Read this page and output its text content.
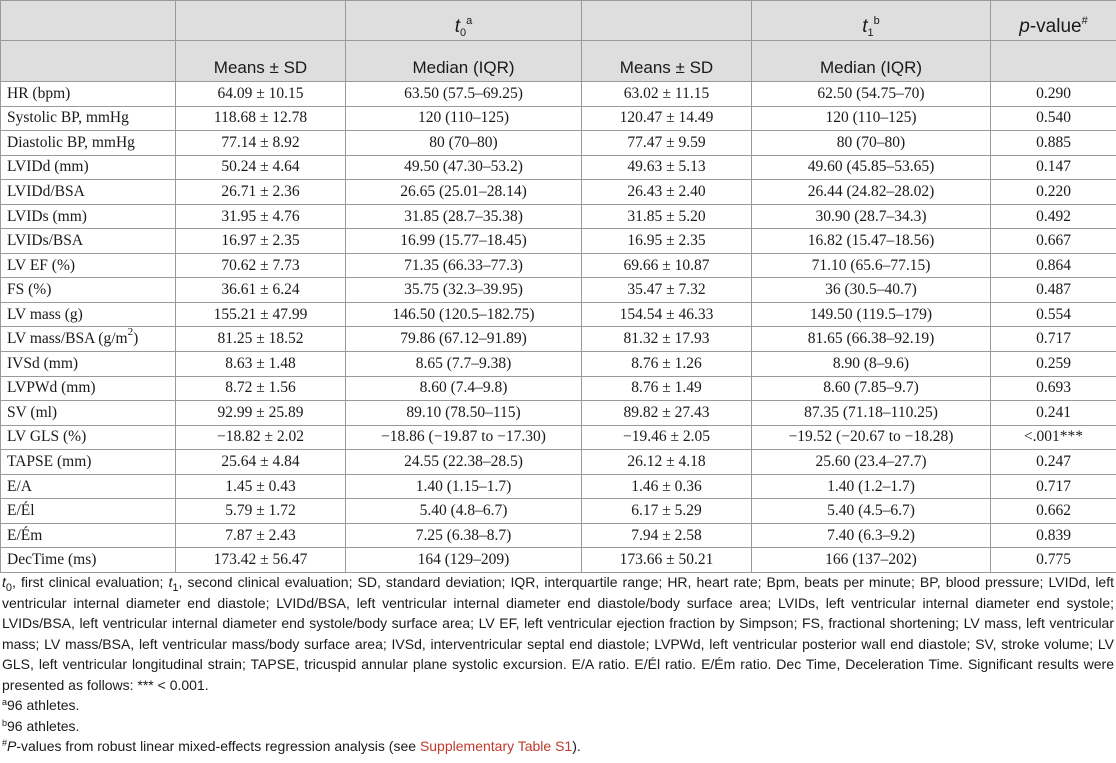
		$t_0^a$		$t_1^b$	p-value#
	Means ± SD	Median (IQR)	Means ± SD	Median (IQR)	
HR (bpm)	64.09 ± 10.15	63.50 (57.5–69.25)	63.02 ± 11.15	62.50 (54.75–70)	0.290
Systolic BP, mmHg	118.68 ± 12.78	120 (110–125)	120.47 ± 14.49	120 (110–125)	0.540
Diastolic BP, mmHg	77.14 ± 8.92	80 (70–80)	77.47 ± 9.59	80 (70–80)	0.885
LVIDd (mm)	50.24 ± 4.64	49.50 (47.30–53.2)	49.63 ± 5.13	49.60 (45.85–53.65)	0.147
LVIDd/BSA	26.71 ± 2.36	26.65 (25.01–28.14)	26.43 ± 2.40	26.44 (24.82–28.02)	0.220
LVIDs (mm)	31.95 ± 4.76	31.85 (28.7–35.38)	31.85 ± 5.20	30.90 (28.7–34.3)	0.492
LVIDs/BSA	16.97 ± 2.35	16.99 (15.77–18.45)	16.95 ± 2.35	16.82 (15.47–18.56)	0.667
LV EF (%)	70.62 ± 7.73	71.35 (66.33–77.3)	69.66 ± 10.87	71.10 (65.6–77.15)	0.864
FS (%)	36.61 ± 6.24	35.75 (32.3–39.95)	35.47 ± 7.32	36 (30.5–40.7)	0.487
LV mass (g)	155.21 ± 47.99	146.50 (120.5–182.75)	154.54 ± 46.33	149.50 (119.5–179)	0.554
LV mass/BSA $(g/m^2)$	81.25 ± 18.52	79.86 (67.12–91.89)	81.32 ± 17.93	81.65 (66.38–92.19)	0.717
IVSd (mm)	8.63 ± 1.48	8.65 (7.7–9.38)	8.76 ± 1.26	8.90 (8–9.6)	0.259
LVPWd (mm)	8.72 ± 1.56	8.60 (7.4–9.8)	8.76 ± 1.49	8.60 (7.85–9.7)	0.693
SV (ml)	92.99 ± 25.89	89.10 (78.50–115)	89.82 ± 27.43	87.35 (71.18–110.25)	0.241
LV GLS (%)	−18.82 ± 2.02	−18.86 (−19.87 to −17.30)	−19.46 ± 2.05	−19.52 (−20.67 to −18.28)	<.001***
TAPSE (mm)	25.64 ± 4.84	24.55 (22.38–28.5)	26.12 ± 4.18	25.60 (23.4–27.7)	0.247
E/A	1.45 ± 0.43	1.40 (1.15–1.7)	1.46 ± 0.36	1.40 (1.2–1.7)	0.717
E/Él	5.79 ± 1.72	5.40 (4.8–6.7)	6.17 ± 5.29	5.40 (4.5–6.7)	0.662
E/Ém	7.87 ± 2.43	7.25 (6.38–8.7)	7.94 ± 2.58	7.40 (6.3–9.2)	0.839
DecTime (ms)	173.42 ± 56.47	164 (129–209)	173.66 ± 50.21	166 (137–202)	0.775

$t_0$, first clinical evaluation; $t_1$, second clinical evaluation; SD, standard deviation; IQR, interquartile range; HR, heart rate; Bpm, beats per minute; BP, blood pressure; LVIDd, left ventricular internal diameter end diastole; LVIDd/BSA, left ventricular internal diameter end diastole/body surface area; LVIDs, left ventricular internal diameter end systole; LVIDs/BSA, left ventricular internal diameter end systole/body surface area; LV EF, left ventricular ejection fraction by Simpson; FS, fractional shortening; LV mass, left ventricular mass; LV mass/BSA, left ventricular mass/body surface area; IVSd, interventricular septal end diastole; LVPWd, left ventricular posterior wall end diastole; SV, stroke volume; LV GLS, left ventricular longitudinal strain; TAPSE, tricuspid annular plane systolic excursion. E/A ratio. E/Él ratio. E/Ém ratio. Dec Time, Deceleration Time. Significant results were presented as follows: *** < 0.001.

$^a$96 athletes.

$^b$96 athletes.

#P-values from robust linear mixed-effects regression analysis (see Supplementary Table S1).
